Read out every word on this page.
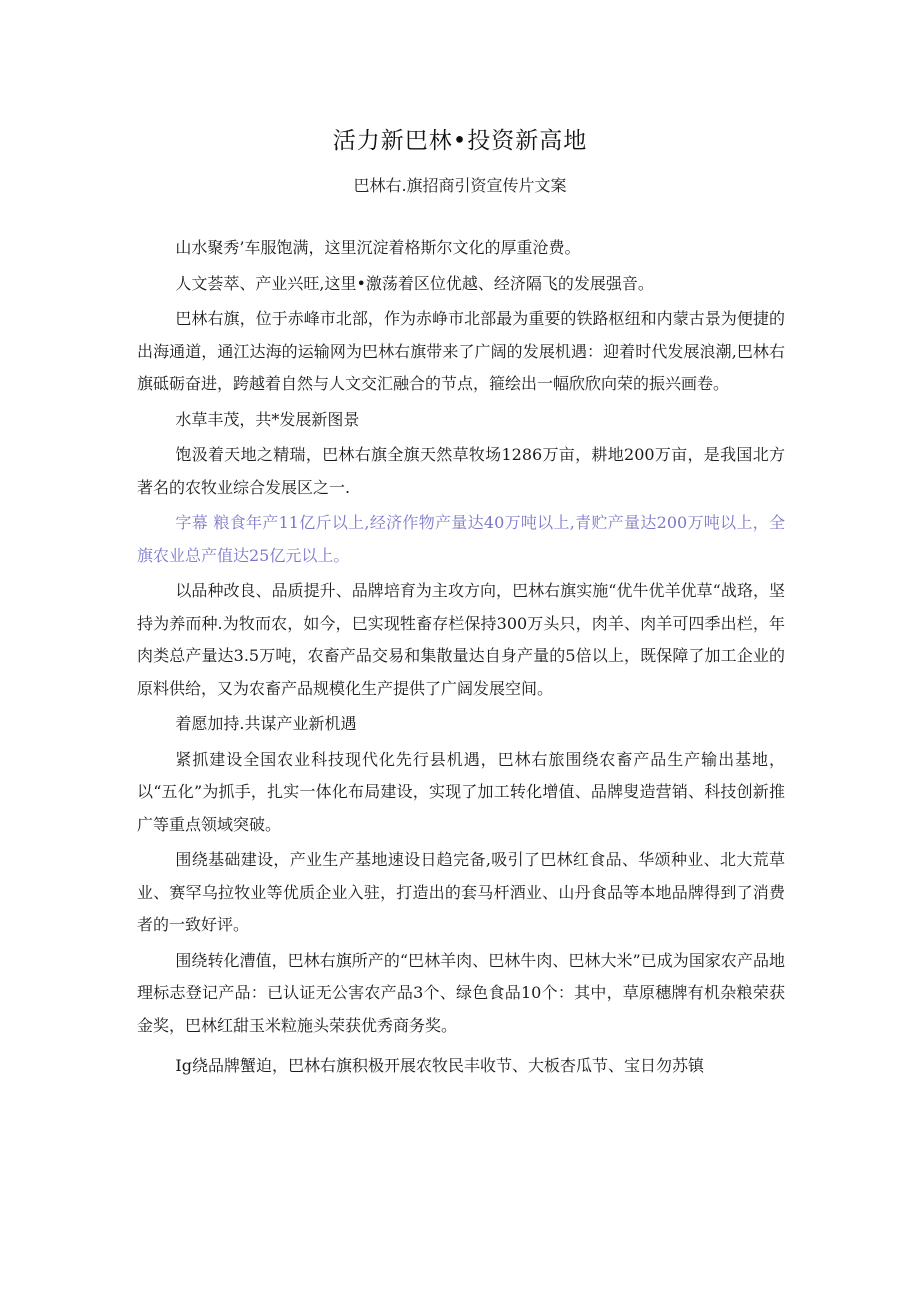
活力新巴林•投资新高地
巴林右.旗招商引资宣传片文案

山水聚秀’车服饱满，这里沉淀着格斯尔文化的厚重沧费。

人文荟萃、产业兴旺,这里•激荡着区位优越、经济隔飞的发展强音。

巴林右旗，位于赤峰市北部，作为赤峥市北部最为重要的铁路枢纽和内蒙古景为便捷的出海通道，通江达海的运输网为巴林右旗带来了广阔的发展机遇：迎着时代发展浪潮,巴林右旗砥砺奋进，跨越着自然与人文交汇融合的节点，箍绘出一幅欣欣向荣的振兴画卷。

水草丰茂，共*发展新图景

饱汲着天地之精瑞，巴林右旗全旗天然草牧场1286万亩，耕地200万亩，是我国北方著名的农牧业综合发展区之一.

字幕 粮食年产11亿斤以上,经济作物产量达40万吨以上,青贮产量达200万吨以上，全旗农业总产值达25亿元以上。

以品种改良、品质提升、品牌培育为主攻方向，巴林右旗实施“优牛优羊优草“战珞，坚持为养而种.为牧而农，如今，巳实现牲畜存栏保持300万头只，肉羊、肉羊可四季出栏，年肉类总产量达3.5万吨，农畜产品交易和集散量达自身产量的5倍以上，既保障了加工企业的原料供给，又为农畜产品规模化生产提供了广阔发展空间。

着愿加持.共谋产业新机遇

紧抓建设全国农业科技现代化先行县机遇，巴林右旅围绕农畜产品生产输出基地，以“五化”为抓手，扎实一体化布局建设，实现了加工转化增值、品牌叟造营销、科技创新推广等重点领域突破。

围绕基础建设，产业生产基地速设日趋完备,吸引了巴林红食品、华颂种业、北大荒草业、赛罕乌拉牧业等优质企业入驻，打造出的套马杆酒业、山丹食品等本地品牌得到了消费者的一致好评。

围绕转化漕值，巴林右旗所产的“巴林羊肉、巴林牛肉、巴林大米”已成为国家农产品地理标志登记产品：已认证无公害农产品3个、绿色食品10个：其中，草原穗牌有机杂粮荣获金奖，巴林红甜玉米粒施头荣获优秀商务奖。

Ig绕品牌蟹迫，巴林右旗积极开展农牧民丰收节、大板杏瓜节、宝日勿苏镇
